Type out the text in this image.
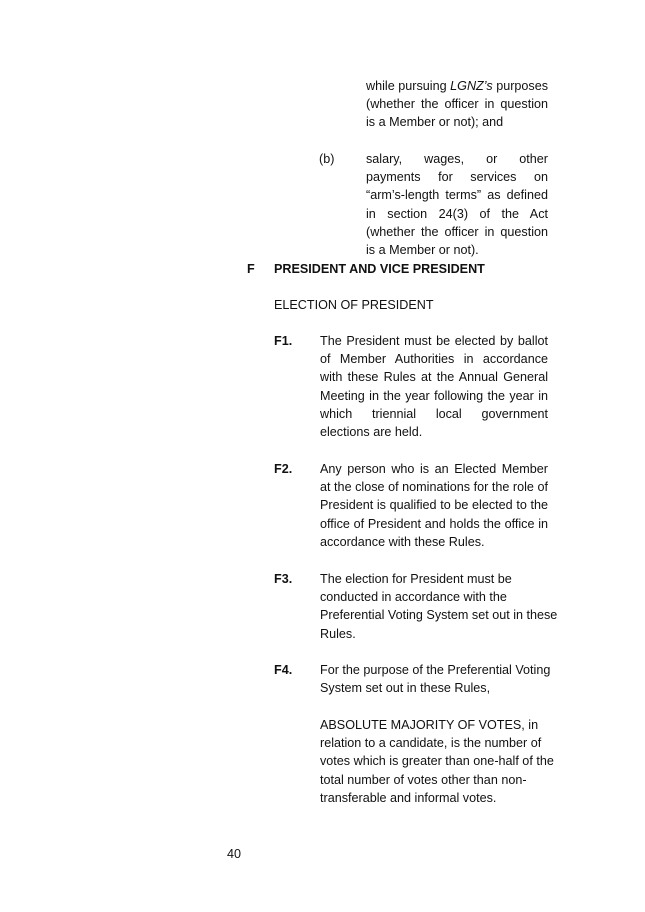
while pursuing LGNZ’s purposes (whether the officer in question is a Member or not); and

(b)	salary, wages, or other payments for services on “arm’s-length terms” as defined in section 24(3) of the Act (whether the officer in question is a Member or not).

F PRESIDENT AND VICE PRESIDENT
ELECTION OF PRESIDENT
F1. The President must be elected by ballot of Member Authorities in accordance with these Rules at the Annual General Meeting in the year following the year in which triennial local government elections are held.

F2. Any person who is an Elected Member at the close of nominations for the role of President is qualified to be elected to the office of President and holds the office in accordance with these Rules.

F3. The election for President must be
conducted in accordance with the
Preferential Voting System set out in these
Rules.
F4. For the purpose of the Preferential Voting
System set out in these Rules,
ABSOLUTE MAJORITY OF VOTES, in
relation to a candidate, is the number of
votes which is greater than one-half of the
total number of votes other than non-
transferable and informal votes.
40
